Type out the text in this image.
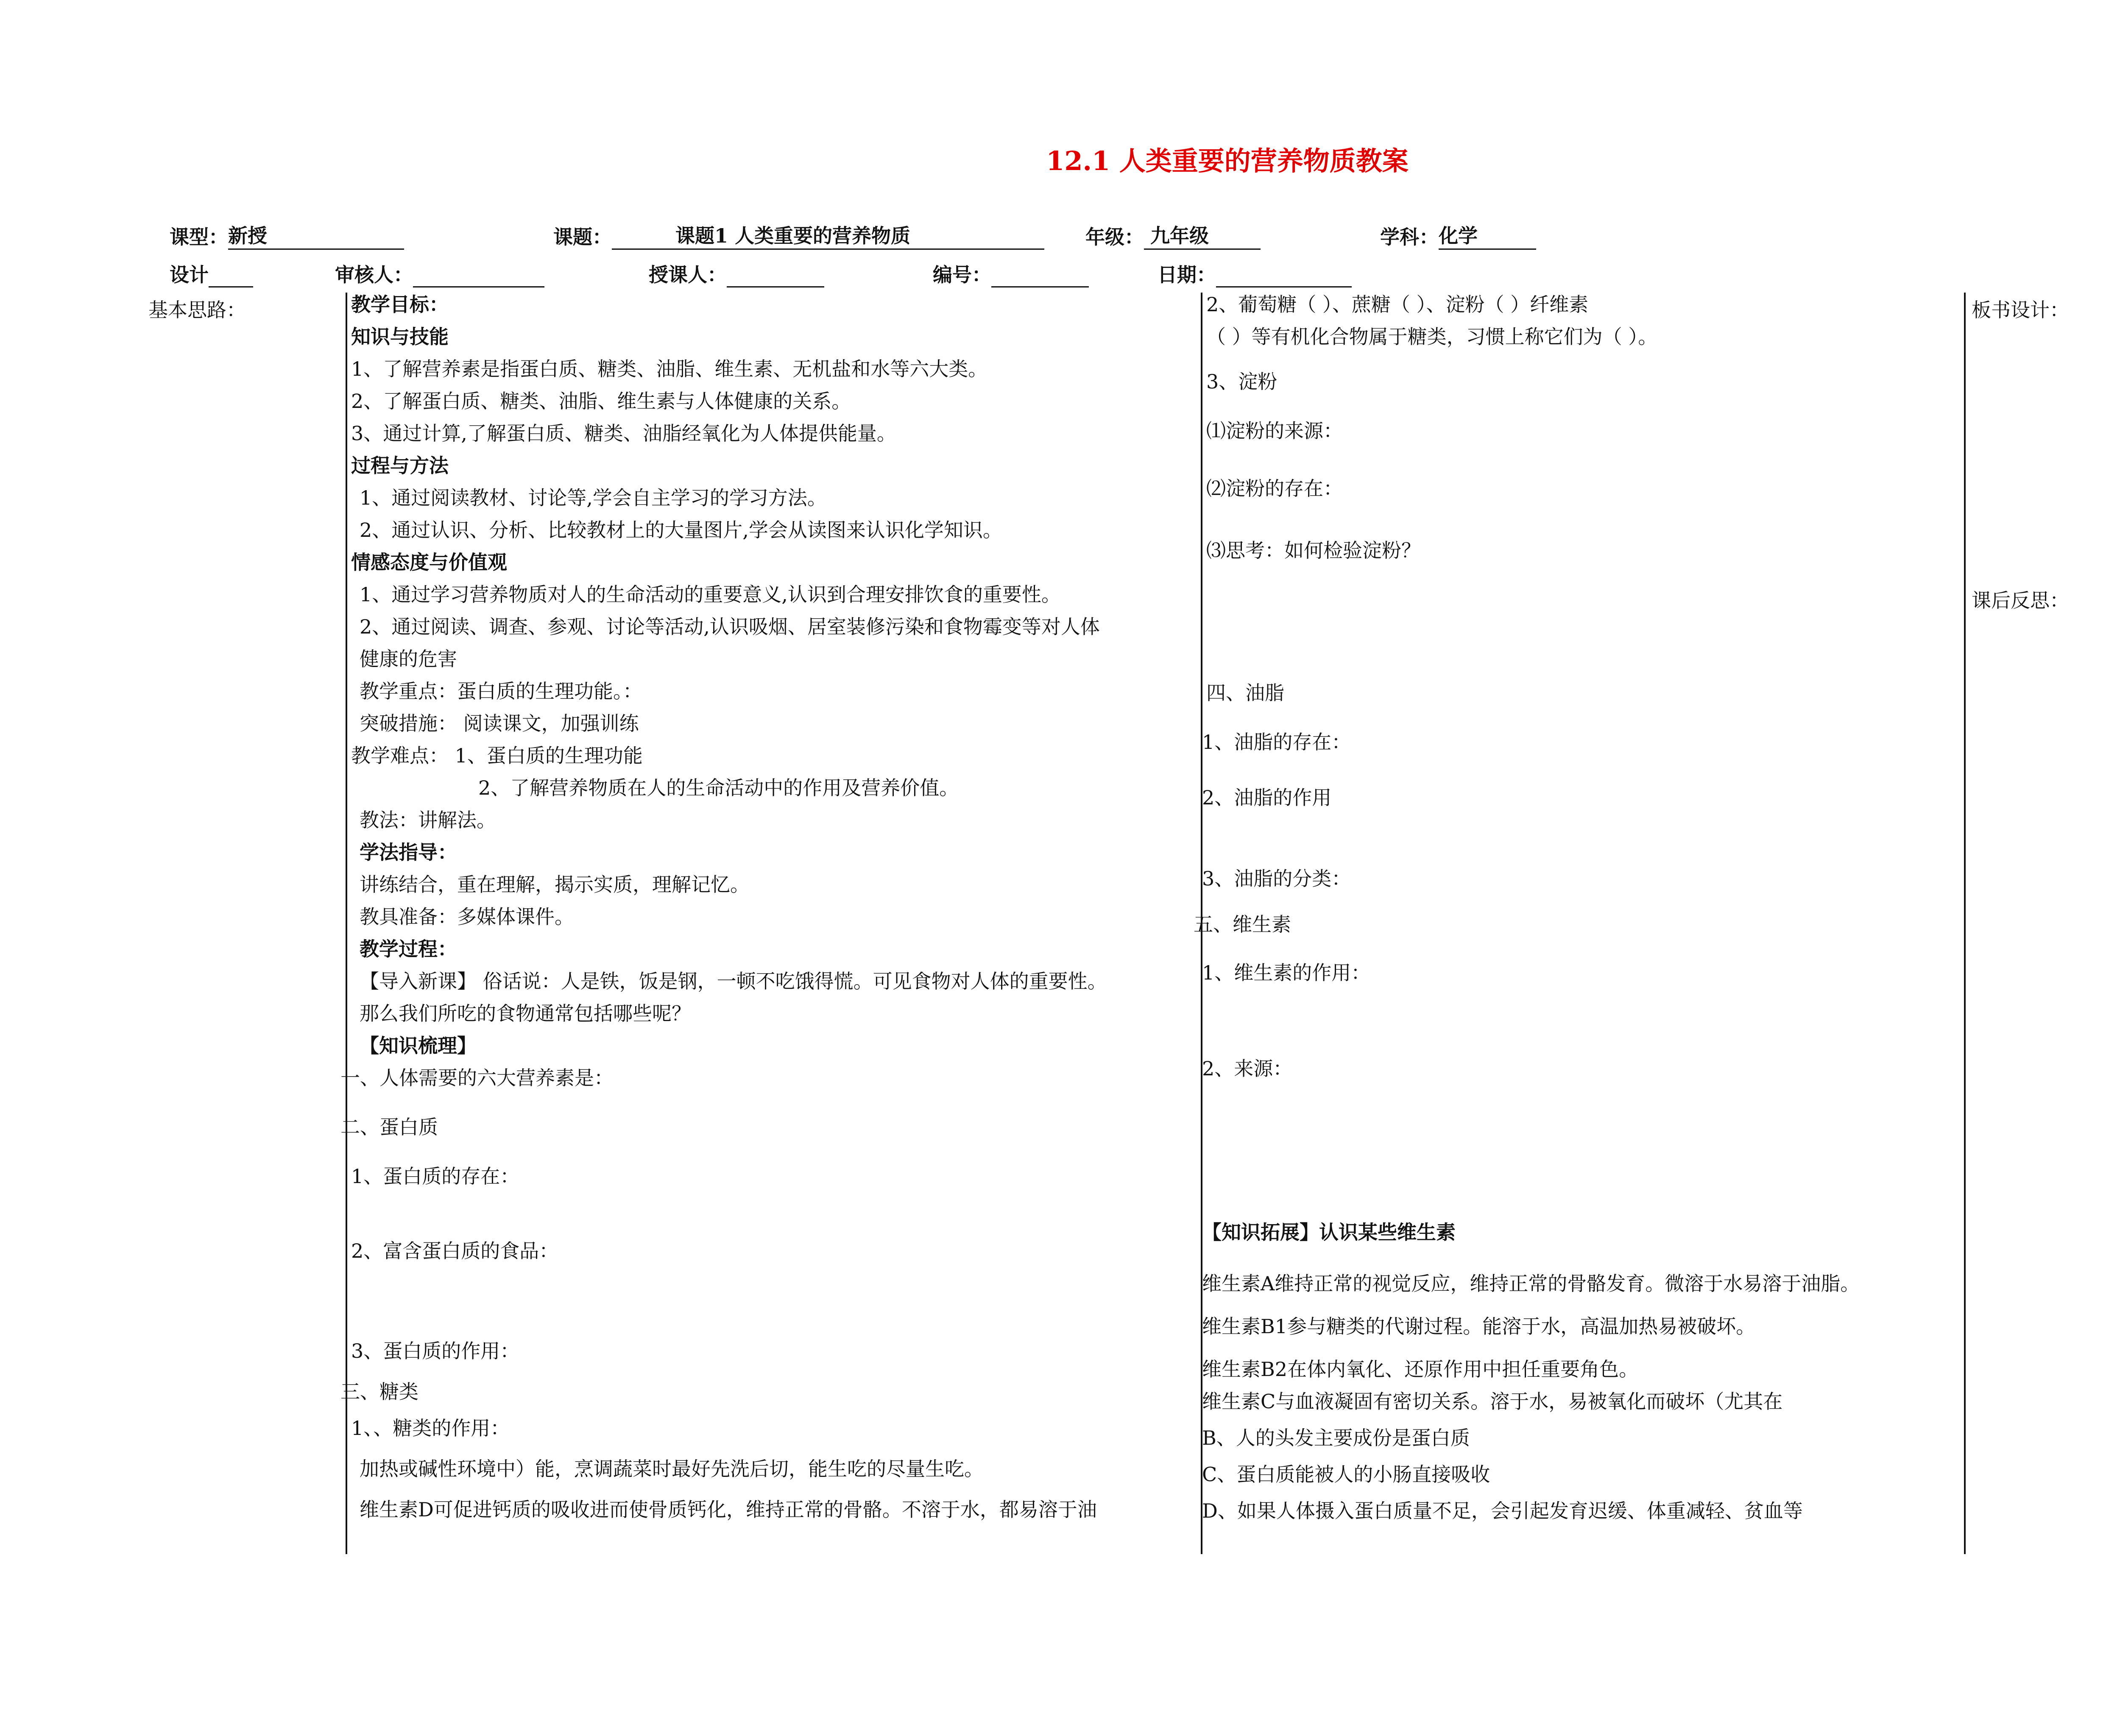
12.1 人类重要的营养物质教案
课型：新授	课题：	课题1 人类重要的营养物质	年级： 九年级	学科：化学
设计	审核人：	授课人：	编号：	日期：
基本思路：	教学目标：
知识与技能
1、了解营养素是指蛋白质、糖类、油脂、维生素、无机盐和水等六大类。
2、了解蛋白质、糖类、油脂、维生素与人体健康的关系。
3、通过计算,了解蛋白质、糖类、油脂经氧化为人体提供能量。
过程与方法
1、通过阅读教材、讨论等,学会自主学习的学习方法。
2、通过认识、分析、比较教材上的大量图片,学会从读图来认识化学知识。
情感态度与价值观
1、通过学习营养物质对人的生命活动的重要意义,认识到合理安排饮食的重要性。
2、通过阅读、调查、参观、讨论等活动,认识吸烟、居室装修污染和食物霉变等对人体
健康的危害
教学重点：蛋白质的生理功能。：
突破措施： 阅读课文，加强训练
教学难点： 1、蛋白质的生理功能
2、了解营养物质在人的生命活动中的作用及营养价值。
教法：讲解法。
学法指导：
讲练结合，重在理解，揭示实质，理解记忆。
教具准备：多媒体课件。
教学过程：
【导入新课】 俗话说：人是铁，饭是钢，一顿不吃饿得慌。可见食物对人体的重要性。
那么我们所吃的食物通常包括哪些呢？
【知识梳理】
一、人体需要的六大营养素是：
二、蛋白质
1、蛋白质的存在：
2、富含蛋白质的食品：
3、蛋白质的作用：
三、糖类
1、、糖类的作用：
加热或碱性环境中）能，烹调蔬菜时最好先洗后切，能生吃的尽量生吃。
维生素D可促进钙质的吸收进而使骨质钙化，维持正常的骨骼。不溶于水，都易溶于油
2、葡萄糖（ ）、蔗糖（ ）、淀粉（ ）纤维素
（ ）等有机化合物属于糖类，习惯上称它们为（ ）。
3、淀粉
⑴淀粉的来源：
⑵淀粉的存在：
⑶思考：如何检验淀粉？
四、油脂
1、油脂的存在：
2、油脂的作用
3、油脂的分类：
五、维生素
1、维生素的作用：
2、来源：
【知识拓展】认识某些维生素
维生素A维持正常的视觉反应，维持正常的骨骼发育。微溶于水易溶于油脂。
维生素B1参与糖类的代谢过程。能溶于水，高温加热易被破坏。
维生素B2在体内氧化、还原作用中担任重要角色。
维生素C与血液凝固有密切关系。溶于水，易被氧化而破坏（尤其在
B、人的头发主要成份是蛋白质
C、蛋白质能被人的小肠直接吸收
D、如果人体摄入蛋白质量不足，会引起发育迟缓、体重减轻、贫血等
板书设计：
课后反思：
